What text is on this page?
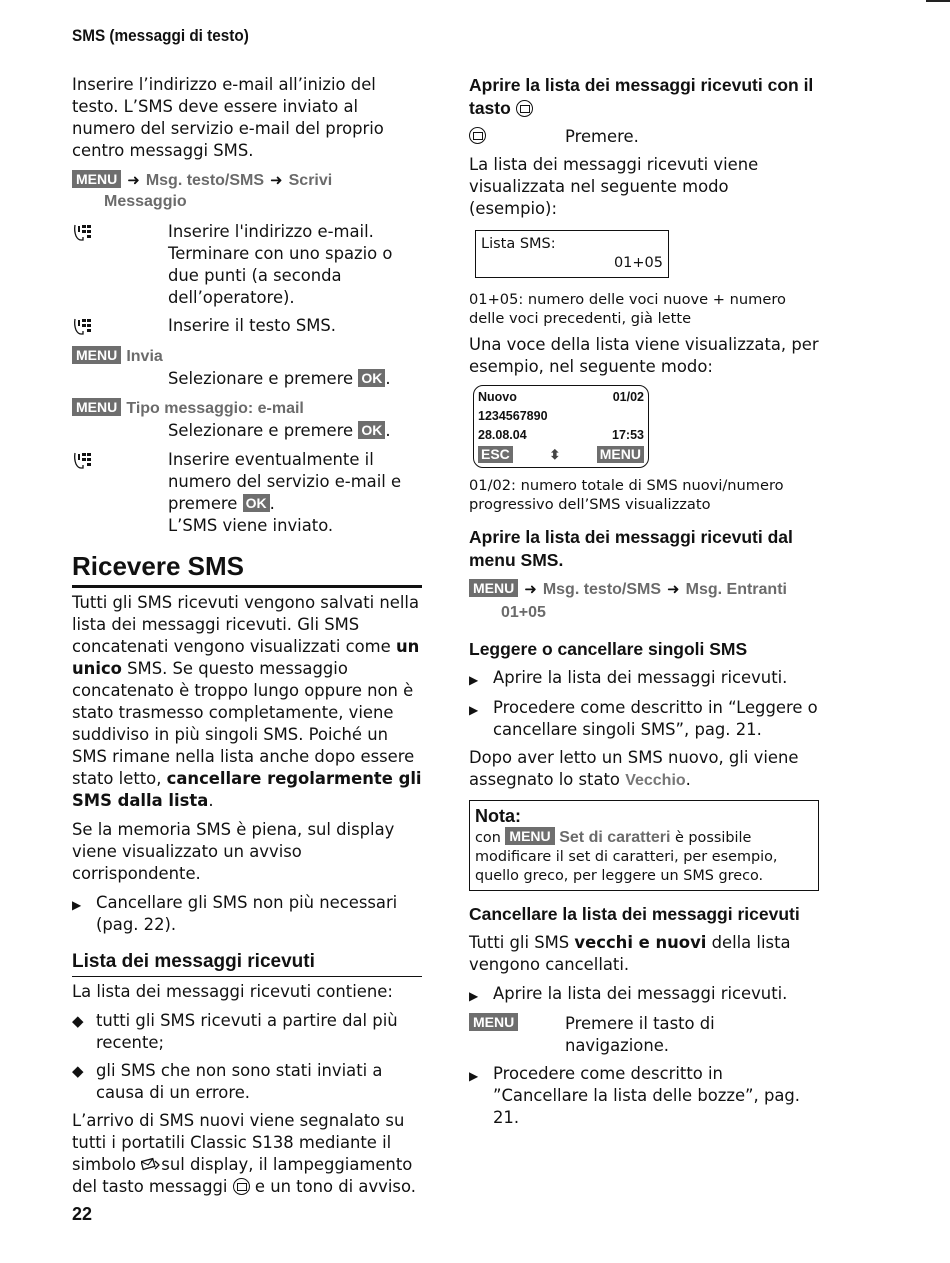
SMS (messaggi di testo)

Inserire l’indirizzo e-mail all’inizio del testo. L’SMS deve essere inviato al numero del servizio e-mail del proprio centro messaggi SMS.

MENU ➜ Msg. testo/SMS ➜ Scrivi
Messaggio
Inserire l'indirizzo e-mail. Terminare con uno spazio o due punti (a seconda dell’operatore).
Inserire il testo SMS.
MENU Invia
Selezionare e premere OK .
MENU Tipo messaggio: e-mail
Selezionare e premere OK .
Inserire eventualmente il numero del servizio e-mail e premere OK .
L’SMS viene inviato.
Ricevere SMS

Tutti gli SMS ricevuti vengono salvati nella lista dei messaggi ricevuti. Gli SMS concatenati vengono visualizzati come un unico SMS. Se questo messaggio concatenato è troppo lungo oppure non è stato trasmesso completamente, viene suddiviso in più singoli SMS. Poiché un SMS rimane nella lista anche dopo essere stato letto, cancellare regolarmente gli SMS dalla lista.

Se la memoria SMS è piena, sul display viene visualizzato un avviso corrispondente.

▶ Cancellare gli SMS non più necessari (pag. 22).
Lista dei messaggi ricevuti

La lista dei messaggi ricevuti contiene:

◆ tutti gli SMS ricevuti a partire dal più recente;
◆ gli SMS che non sono stati inviati a causa di un errore.

L’arrivo di SMS nuovi viene segnalato su tutti i portatili Classic S138 mediante il simbolo sul display, il lampeggiamento del tasto messaggi e un tono di avviso.

Aprire la lista dei messaggi ricevuti con il tasto
Premere.

La lista dei messaggi ricevuti viene visualizzata nel seguente modo (esempio):

Lista SMS:
01+05

01+05: numero delle voci nuove + numero delle voci precedenti, già lette

Una voce della lista viene visualizzata, per esempio, nel seguente modo:

Nuovo	01/02
1234567890
28.08.04	17:53
ESC	⬍	MENU

01/02: numero totale di SMS nuovi/numero progressivo dell’SMS visualizzato

Aprire la lista dei messaggi ricevuti dal menu SMS.
MENU ➜ Msg. testo/SMS ➜ Msg. Entranti
01+05
Leggere o cancellare singoli SMS
▶ Aprire la lista dei messaggi ricevuti.
▶ Procedere come descritto in “Leggere o cancellare singoli SMS”, pag. 21.

Dopo aver letto un SMS nuovo, gli viene assegnato lo stato Vecchio.

Nota:
con MENU Set di caratteri è possibile modificare il set di caratteri, per esempio, quello greco, per leggere un SMS greco.
Cancellare la lista dei messaggi ricevuti

Tutti gli SMS vecchi e nuovi della lista vengono cancellati.

▶ Aprire la lista dei messaggi ricevuti.
MENU	Premere il tasto di navigazione.
▶ Procedere come descritto in ”Cancellare la lista delle bozze”, pag. 21.
22
